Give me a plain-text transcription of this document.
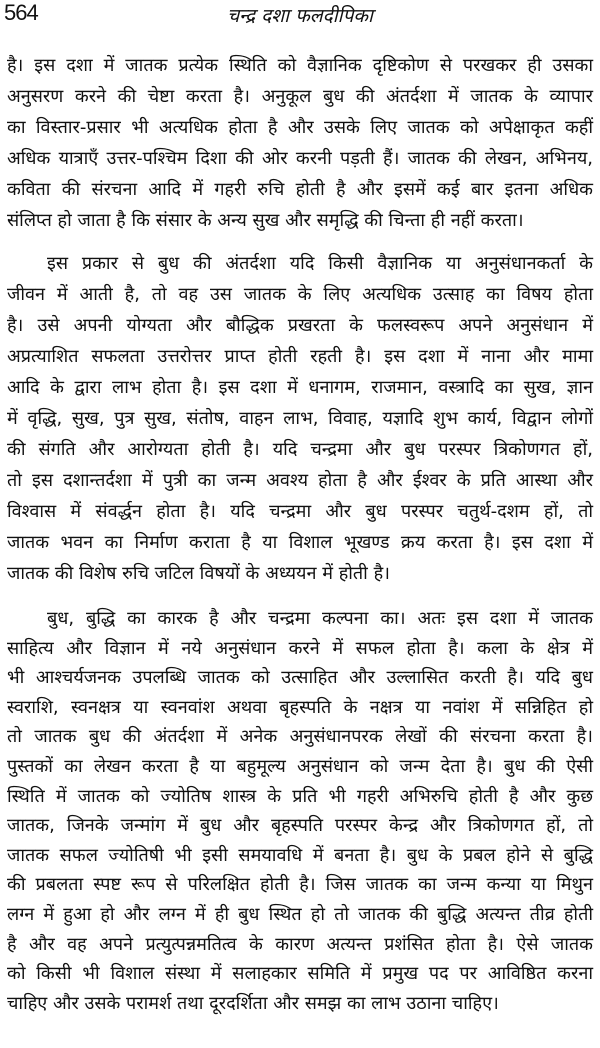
564	चन्द्र दशा फलदीपिका
है। इस दशा में जातक प्रत्येक स्थिति को वैज्ञानिक दृष्टिकोण से परखकर ही उसका
अनुसरण करने की चेष्टा करता है। अनुकूल बुध की अंतर्दशा में जातक के व्यापार
का विस्तार-प्रसार भी अत्यधिक होता है और उसके लिए जातक को अपेक्षाकृत कहीं
अधिक यात्राएँ उत्तर-पश्चिम दिशा की ओर करनी पड़ती हैं। जातक की लेखन, अभिनय,
कविता की संरचना आदि में गहरी रुचि होती है और इसमें कई बार इतना अधिक
संलिप्त हो जाता है कि संसार के अन्य सुख और समृद्धि की चिन्ता ही नहीं करता।
इस प्रकार से बुध की अंतर्दशा यदि किसी वैज्ञानिक या अनुसंधानकर्ता के
जीवन में आती है, तो वह उस जातक के लिए अत्यधिक उत्साह का विषय होता
है। उसे अपनी योग्यता और बौद्धिक प्रखरता के फलस्वरूप अपने अनुसंधान में
अप्रत्याशित सफलता उत्तरोत्तर प्राप्त होती रहती है। इस दशा में नाना और मामा
आदि के द्वारा लाभ होता है। इस दशा में धनागम, राजमान, वस्त्रादि का सुख, ज्ञान
में वृद्धि, सुख, पुत्र सुख, संतोष, वाहन लाभ, विवाह, यज्ञादि शुभ कार्य, विद्वान लोगों
की संगति और आरोग्यता होती है। यदि चन्द्रमा और बुध परस्पर त्रिकोणगत हों,
तो इस दशान्तर्दशा में पुत्री का जन्म अवश्य होता है और ईश्वर के प्रति आस्था और
विश्वास में संवर्द्धन होता है। यदि चन्द्रमा और बुध परस्पर चतुर्थ-दशम हों, तो
जातक भवन का निर्माण कराता है या विशाल भूखण्ड क्रय करता है। इस दशा में
जातक की विशेष रुचि जटिल विषयों के अध्ययन में होती है।
बुध, बुद्धि का कारक है और चन्द्रमा कल्पना का। अतः इस दशा में जातक
साहित्य और विज्ञान में नये अनुसंधान करने में सफल होता है। कला के क्षेत्र में
भी आश्चर्यजनक उपलब्धि जातक को उत्साहित और उल्लासित करती है। यदि बुध
स्वराशि, स्वनक्षत्र या स्वनवांश अथवा बृहस्पति के नक्षत्र या नवांश में सन्निहित हो
तो जातक बुध की अंतर्दशा में अनेक अनुसंधानपरक लेखों की संरचना करता है।
पुस्तकों का लेखन करता है या बहुमूल्य अनुसंधान को जन्म देता है। बुध की ऐसी
स्थिति में जातक को ज्योतिष शास्त्र के प्रति भी गहरी अभिरुचि होती है और कुछ
जातक, जिनके जन्मांग में बुध और बृहस्पति परस्पर केन्द्र और त्रिकोणगत हों, तो
जातक सफल ज्योतिषी भी इसी समयावधि में बनता है। बुध के प्रबल होने से बुद्धि
की प्रबलता स्पष्ट रूप से परिलक्षित होती है। जिस जातक का जन्म कन्या या मिथुन
लग्न में हुआ हो और लग्न में ही बुध स्थित हो तो जातक की बुद्धि अत्यन्त तीव्र होती
है और वह अपने प्रत्युत्पन्नमतित्व के कारण अत्यन्त प्रशंसित होता है। ऐसे जातक
को किसी भी विशाल संस्था में सलाहकार समिति में प्रमुख पद पर आविष्ठित करना
चाहिए और उसके परामर्श तथा दूरदर्शिता और समझ का लाभ उठाना चाहिए।
